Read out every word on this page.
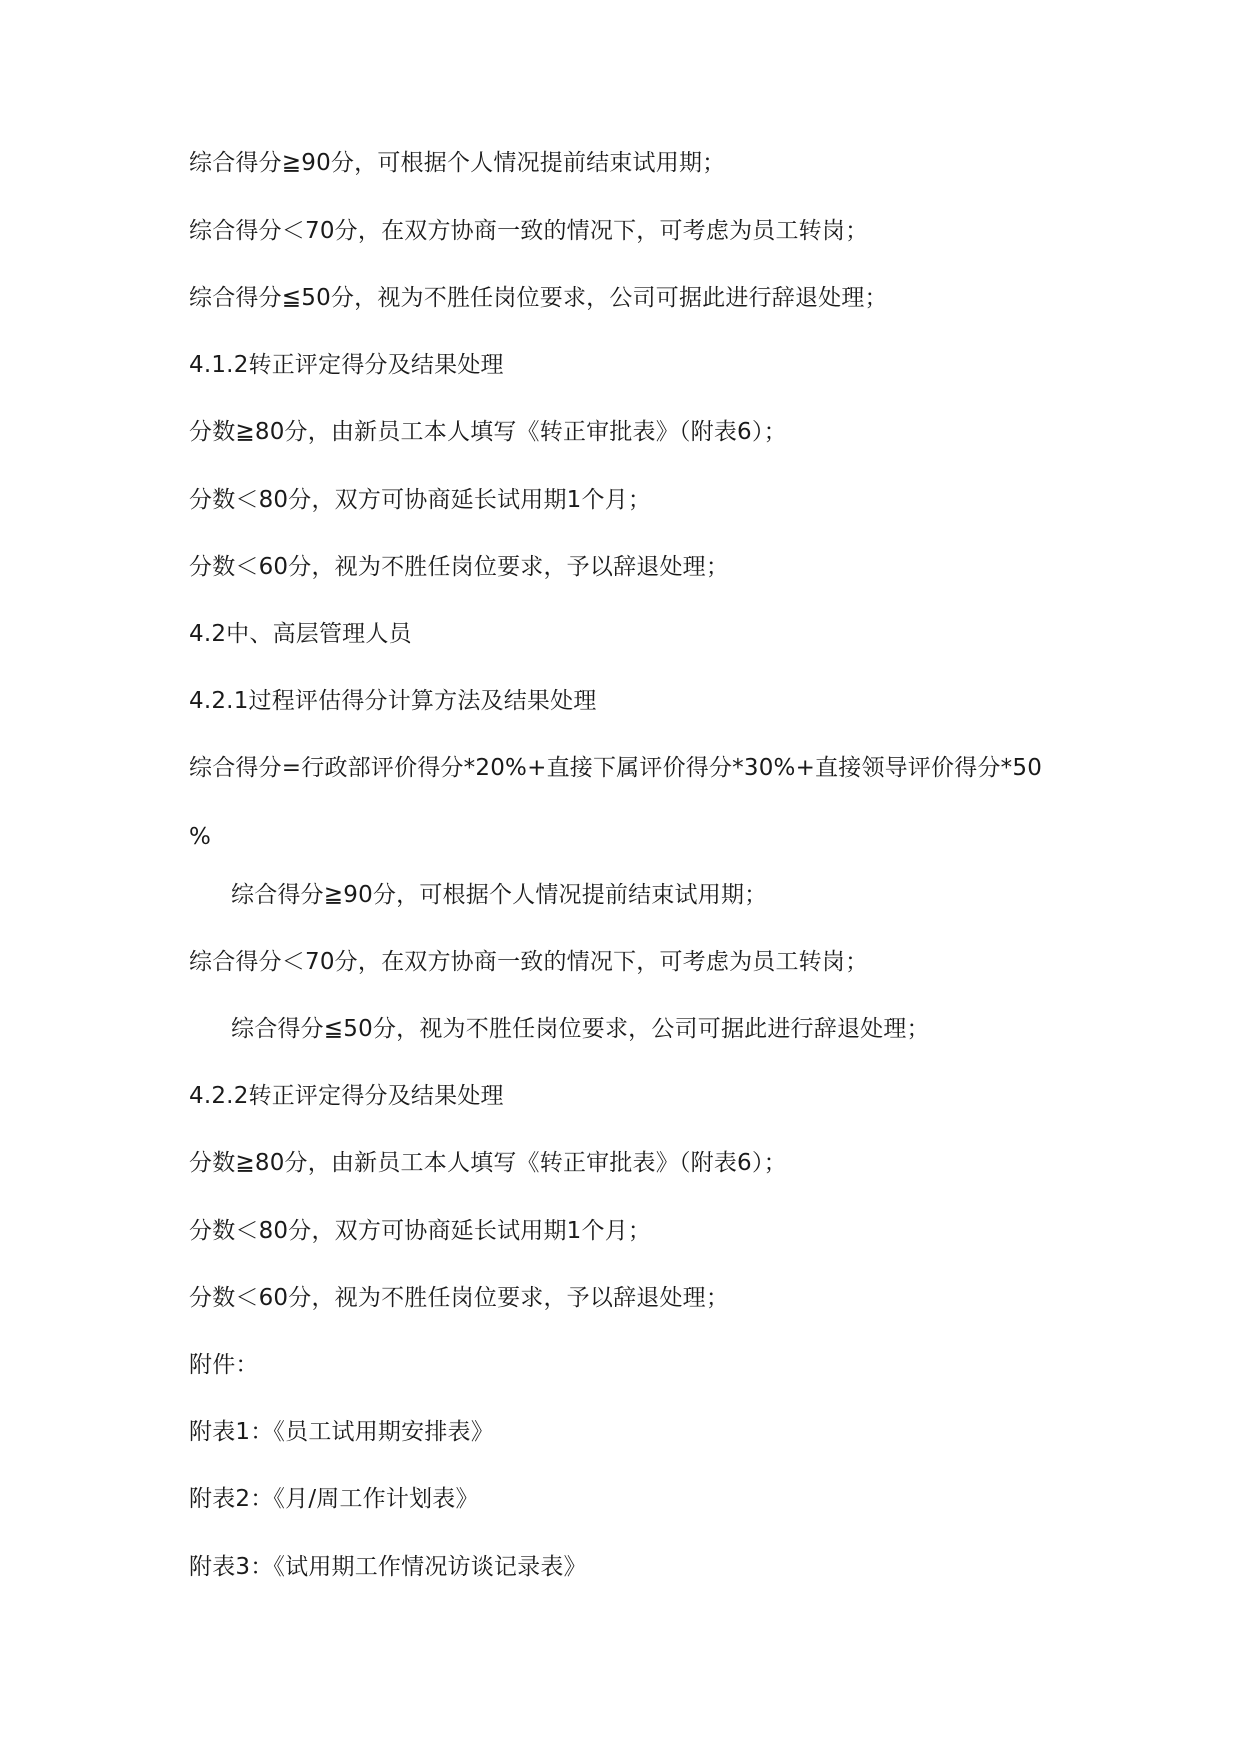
综合得分≧90分，可根据个人情况提前结束试用期；
综合得分＜70分，在双方协商一致的情况下，可考虑为员工转岗；
综合得分≦50分，视为不胜任岗位要求，公司可据此进行辞退处理；
4.1.2转正评定得分及结果处理
分数≧80分，由新员工本人填写《转正审批表》（附表6）；
分数＜80分，双方可协商延长试用期1个月；
分数＜60分，视为不胜任岗位要求，予以辞退处理；
4.2中、高层管理人员
4.2.1过程评估得分计算方法及结果处理
综合得分=行政部评价得分*20%+直接下属评价得分*30%+直接领导评价得分*50
%
综合得分≧90分，可根据个人情况提前结束试用期；
综合得分＜70分，在双方协商一致的情况下，可考虑为员工转岗；
综合得分≦50分，视为不胜任岗位要求，公司可据此进行辞退处理；
4.2.2转正评定得分及结果处理
分数≧80分，由新员工本人填写《转正审批表》（附表6）；
分数＜80分，双方可协商延长试用期1个月；
分数＜60分，视为不胜任岗位要求，予以辞退处理；
附件：
附表1：《员工试用期安排表》
附表2：《月/周工作计划表》
附表3：《试用期工作情况访谈记录表》
